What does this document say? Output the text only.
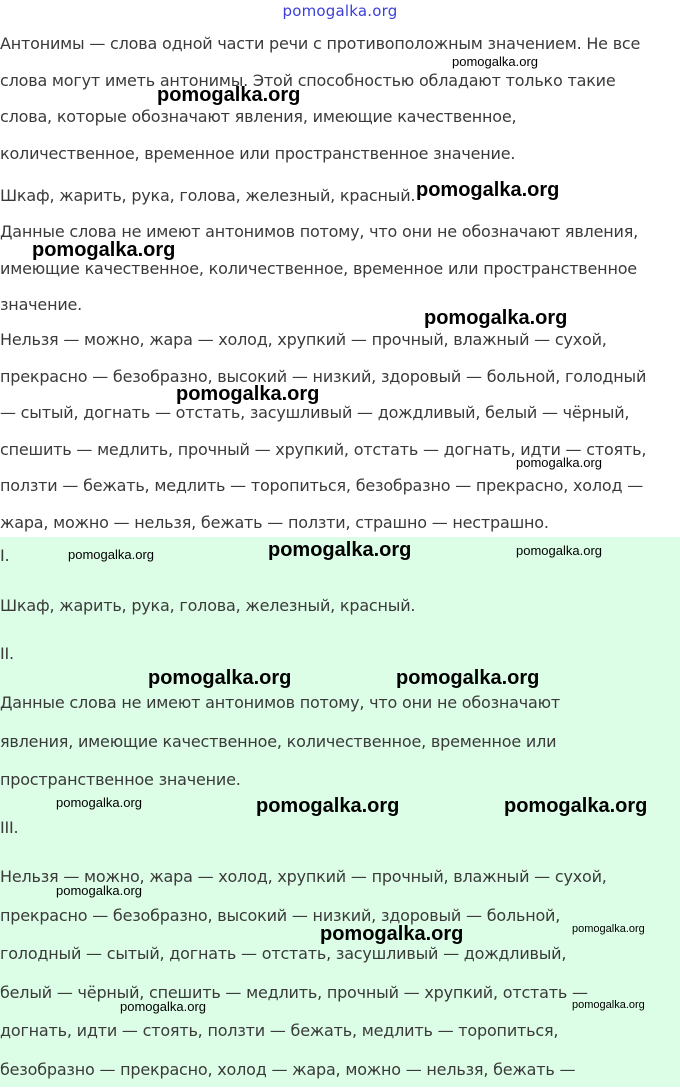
pomogalka.org
Антонимы — слова одной части речи с противоположным значением. Не все
слова могут иметь антонимы. Этой способностью обладают только такие
слова, которые обозначают явления, имеющие качественное,
количественное, временное или пространственное значение.
Шкаф, жарить, рука, голова, железный, красный.
Данные слова не имеют антонимов потому, что они не обозначают явления,
имеющие качественное, количественное, временное или пространственное
значение.
Нельзя — можно, жара — холод, хрупкий — прочный, влажный — сухой,
прекрасно — безобразно, высокий — низкий, здоровый — больной, голодный
— сытый, догнать — отстать, засушливый — дождливый, белый — чёрный,
спешить — медлить, прочный — хрупкий, отстать — догнать, идти — стоять,
ползти — бежать, медлить — торопиться, безобразно — прекрасно, холод —
жара, можно — нельзя, бежать — ползти, страшно — нестрашно.
I.
Шкаф, жарить, рука, голова, железный, красный.
II.
Данные слова не имеют антонимов потому, что они не обозначают
явления, имеющие качественное, количественное, временное или
пространственное значение.
III.
Нельзя — можно, жара — холод, хрупкий — прочный, влажный — сухой,
прекрасно — безобразно, высокий — низкий, здоровый — больной,
голодный — сытый, догнать — отстать, засушливый — дождливый,
белый — чёрный, спешить — медлить, прочный — хрупкий, отстать —
догнать, идти — стоять, ползти — бежать, медлить — торопиться,
безобразно — прекрасно, холод — жара, можно — нельзя, бежать —
pomogalka.org
pomogalka.org
pomogalka.org
pomogalka.org
pomogalka.org
pomogalka.org
pomogalka.org
pomogalka.org	pomogalka.org	pomogalka.org
pomogalka.org	pomogalka.org
pomogalka.org	pomogalka.org	pomogalka.org
pomogalka.org
pomogalka.org	pomogalka.org
pomogalka.org	pomogalka.org
